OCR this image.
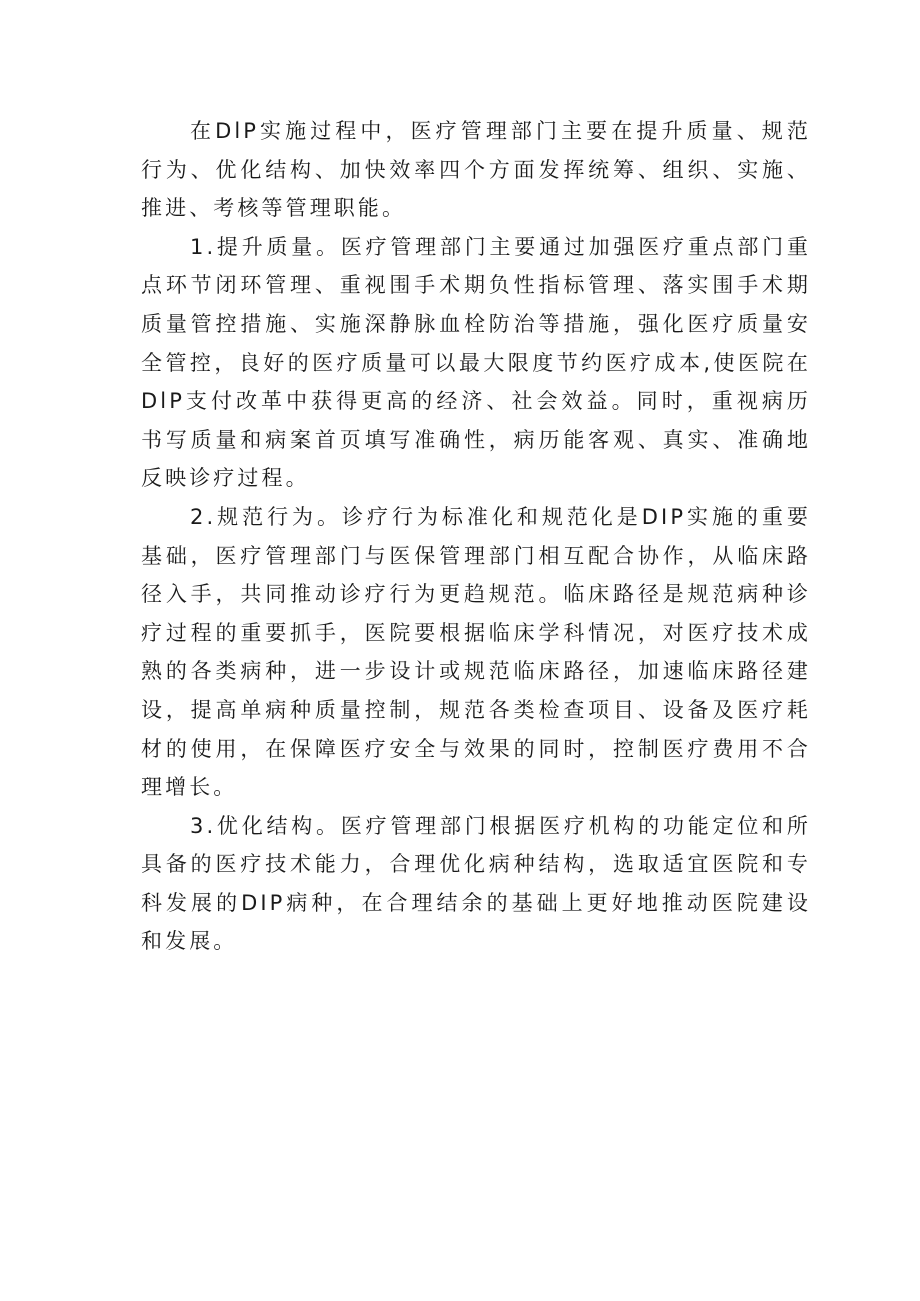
在DlP实施过程中，医疗管理部门主要在提升质量、规范行为、优化结构、加快效率四个方面发挥统筹、组织、实施、推进、考核等管理职能。

1.提升质量。医疗管理部门主要通过加强医疗重点部门重点环节闭环管理、重视围手术期负性指标管理、落实围手术期质量管控措施、实施深静脉血栓防治等措施，强化医疗质量安全管控，良好的医疗质量可以最大限度节约医疗成本,使医院在DlP支付改革中获得更高的经济、社会效益。同时，重视病历书写质量和病案首页填写准确性，病历能客观、真实、准确地反映诊疗过程。

2.规范行为。诊疗行为标准化和规范化是DIP实施的重要基础，医疗管理部门与医保管理部门相互配合协作，从临床路径入手，共同推动诊疗行为更趋规范。临床路径是规范病种诊疗过程的重要抓手，医院要根据临床学科情况，对医疗技术成熟的各类病种，进一步设计或规范临床路径，加速临床路径建设，提高单病种质量控制，规范各类检查项目、设备及医疗耗材的使用，在保障医疗安全与效果的同时，控制医疗费用不合理增长。

3.优化结构。医疗管理部门根据医疗机构的功能定位和所具备的医疗技术能力，合理优化病种结构，选取适宜医院和专科发展的DIP病种，在合理结余的基础上更好地推动医院建设和发展。
